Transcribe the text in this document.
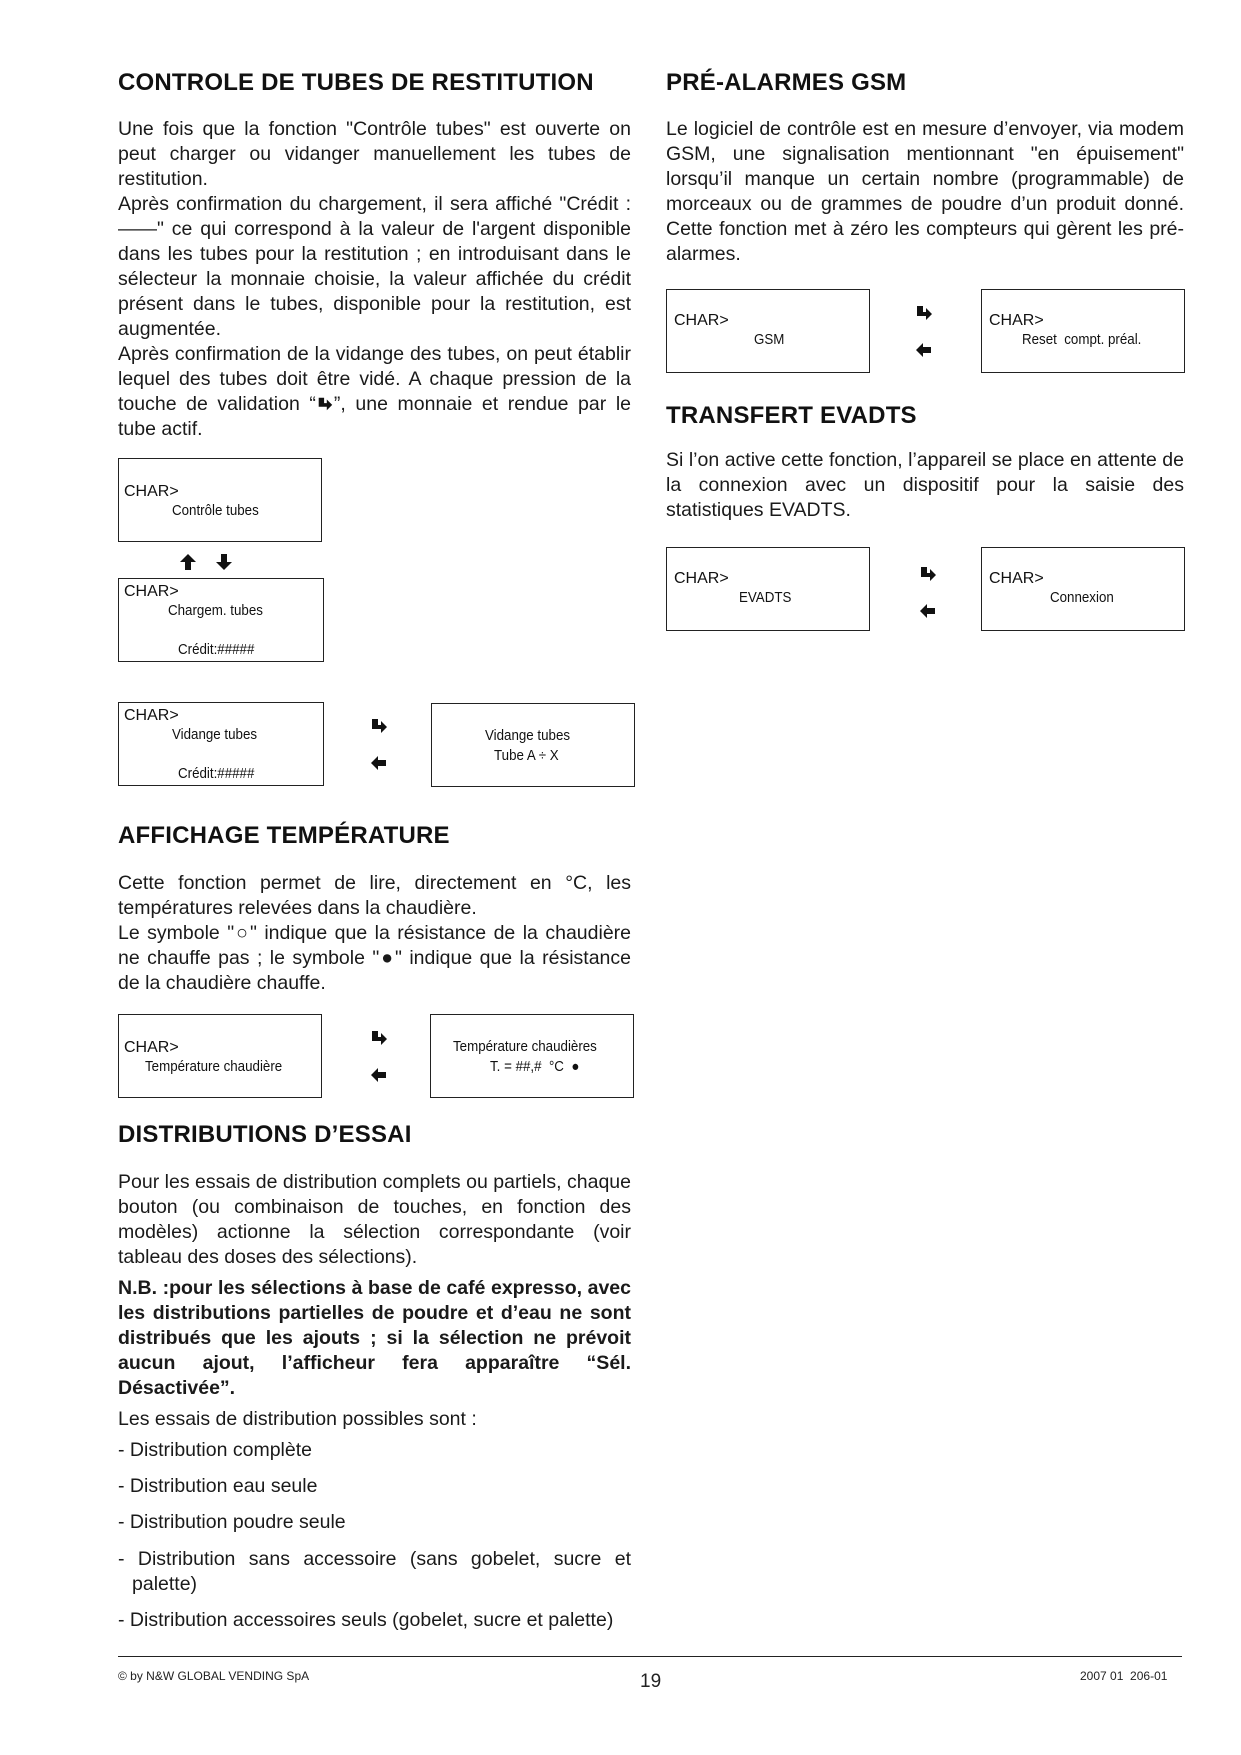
CONTROLE DE TUBES DE RESTITUTION

Une fois que la fonction "Contrôle tubes" est ouverte on peut charger ou vidanger manuellement les tubes de restitution.

Après confirmation du chargement, il sera affiché "Crédit : ——" ce qui correspond à la valeur de l'argent disponible dans les tubes pour la restitution ; en introduisant dans le sélecteur la monnaie choisie, la valeur affichée du crédit présent dans le tubes, disponible pour la restitution, est augmentée.

Après confirmation de la vidange des tubes, on peut établir lequel des tubes doit être vidé. A chaque pression de la touche de validation “ ”, une monnaie et rendue par le tube actif.

CHAR>
Contrôle tubes
CHAR>
Chargem. tubes
Crédit:#####
CHAR>
Vidange tubes
Crédit:#####
Vidange tubes
Tube A ÷ X
AFFICHAGE TEMPÉRATURE

Cette fonction permet de lire, directement en °C, les températures relevées dans la chaudière.

Le symbole "○" indique que la résistance de la chaudière ne chauffe pas ; le symbole "●" indique que la résistance de la chaudière chauffe.

CHAR>
Température chaudière
Température chaudières
T. = ##,#  °C  ●
DISTRIBUTIONS D’ESSAI

Pour les essais de distribution complets ou partiels, chaque bouton (ou combinaison de touches, en fonction des modèles) actionne la sélection correspondante (voir tableau des doses des sélections).

N.B. :pour les sélections à base de café expresso, avec les distributions partielles de poudre et d’eau ne sont distribués que les ajouts ; si la sélection ne prévoit aucun ajout, l’afficheur fera apparaître “Sél. Désactivée”.

Les essais de distribution possibles sont :

- Distribution complète

- Distribution eau seule

- Distribution poudre seule

- Distribution sans accessoire (sans gobelet, sucre et palette)

- Distribution accessoires seuls (gobelet, sucre et palette)

PRÉ-ALARMES GSM

Le logiciel de contrôle est en mesure d’envoyer, via modem GSM, une signalisation mentionnant "en épuisement" lorsqu’il manque un certain nombre (programmable) de morceaux ou de grammes de poudre d’un produit donné. Cette fonction met à zéro les compteurs qui gèrent les pré-alarmes.

CHAR>
GSM
CHAR>
Reset  compt. préal.
TRANSFERT EVADTS

Si l’on active cette fonction, l’appareil se place en attente de la connexion avec un dispositif pour la saisie des statistiques EVADTS.

CHAR>
EVADTS
CHAR>
Connexion
© by N&W GLOBAL VENDING SpA	19	2007 01  206-01
